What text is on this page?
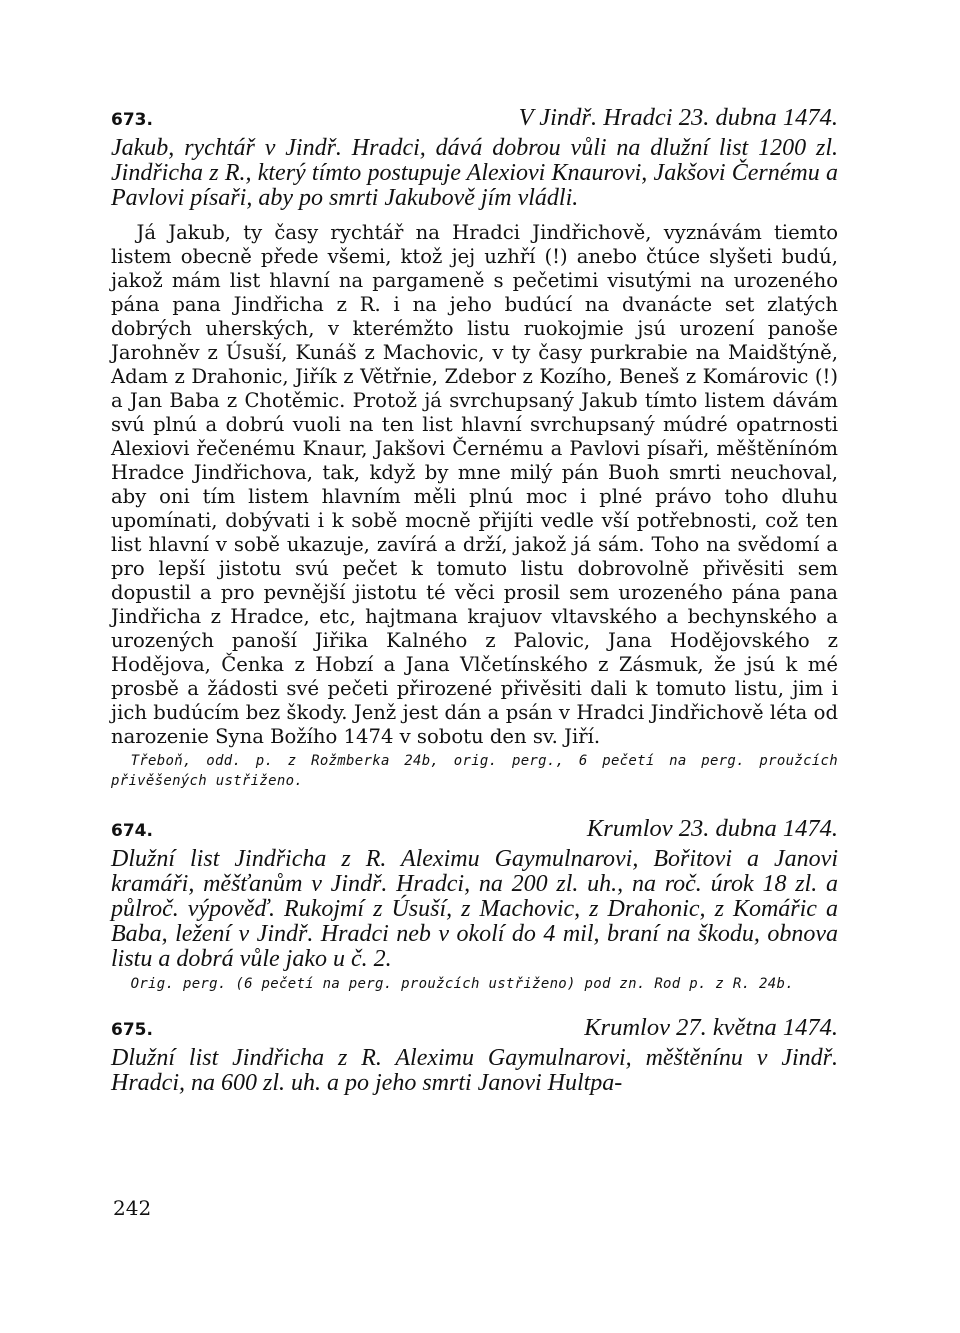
673.	V Jindř. Hradci 23. dubna 1474.

Jakub, rychtář v Jindř. Hradci, dává dobrou vůli na dlužní list 1200 zl. Jindřicha z R., který tímto postupuje Alexiovi Knaurovi, Jakšovi Černému a Pavlovi písaři, aby po smrti Jakubově jím vládli.

Já Jakub, ty časy rychtář na Hradci Jindřichově, vyznávám tiemto listem obecně přede všemi, ktož jej uzhří (!) anebo čtúce slyšeti budú, jakož mám list hlavní na pargameně s pečetimi visutými na urozeného pána pana Jindřicha z R. i na jeho budúcí na dvanácte set zlatých dobrých uherských, v kterémžto listu ruokojmie jsú urození panoše Jarohněv z Úsuší, Kunáš z Machovic, v ty časy purkrabie na Maidštýně, Adam z Drahonic, Jiřík z Větřnie, Zdebor z Kozího, Beneš z Komárovic (!) a Jan Baba z Chotěmic. Protož já svrchupsaný Jakub tímto listem dávám svú plnú a dobrú vuoli na ten list hlavní svrchupsaný múdré opatrnosti Alexiovi řečenému Knaur, Jakšovi Černému a Pavlovi písaři, měštěnínóm Hradce Jindřichova, tak, když by mne milý pán Buoh smrti neuchoval, aby oni tím listem hlavním měli plnú moc i plné právo toho dluhu upomínati, dobývati i k sobě mocně přijíti vedle vší potřebnosti, což ten list hlavní v sobě ukazuje, zavírá a drží, jakož já sám. Toho na svědomí a pro lepší jistotu svú pečet k tomuto listu dobrovolně přivěsiti sem dopustil a pro pevnější jistotu té věci prosil sem urozeného pána pana Jindřicha z Hradce, etc, hajtmana krajuov vltavského a bechynského a urozených panoší Jiřika Kalného z Palovic, Jana Hodějovského z Hodějova, Čenka z Hobzí a Jana Vlčetínského z Zásmuk, že jsú k mé prosbě a žádosti své pečeti přirozené přivěsiti dali k tomuto listu, jim i jich budúcím bez škody. Jenž jest dán a psán v Hradci Jindřichově léta od narozenie Syna Božího 1474 v sobotu den sv. Jiří.

Třeboň, odd. p. z Rožmberka 24b, orig. perg., 6 pečetí na perg. proužcích přivěšených ustřiženo.

674.	Krumlov 23. dubna 1474.

Dlužní list Jindřicha z R. Aleximu Gaymulnarovi, Bořitovi a Janovi kramáři, měšťanům v Jindř. Hradci, na 200 zl. uh., na roč. úrok 18 zl. a půlroč. výpověď. Rukojmí z Úsuší, z Machovic, z Drahonic, z Komářic a Baba, ležení v Jindř. Hradci neb v okolí do 4 mil, braní na škodu, obnova listu a dobrá vůle jako u č. 2.

Orig. perg. (6 pečetí na perg. proužcích ustřiženo) pod zn. Rod p. z R. 24b.

675.	Krumlov 27. května 1474.

Dlužní list Jindřicha z R. Aleximu Gaymulnarovi, měštěnínu v Jindř. Hradci, na 600 zl. uh. a po jeho smrti Janovi Hultpa-

242
